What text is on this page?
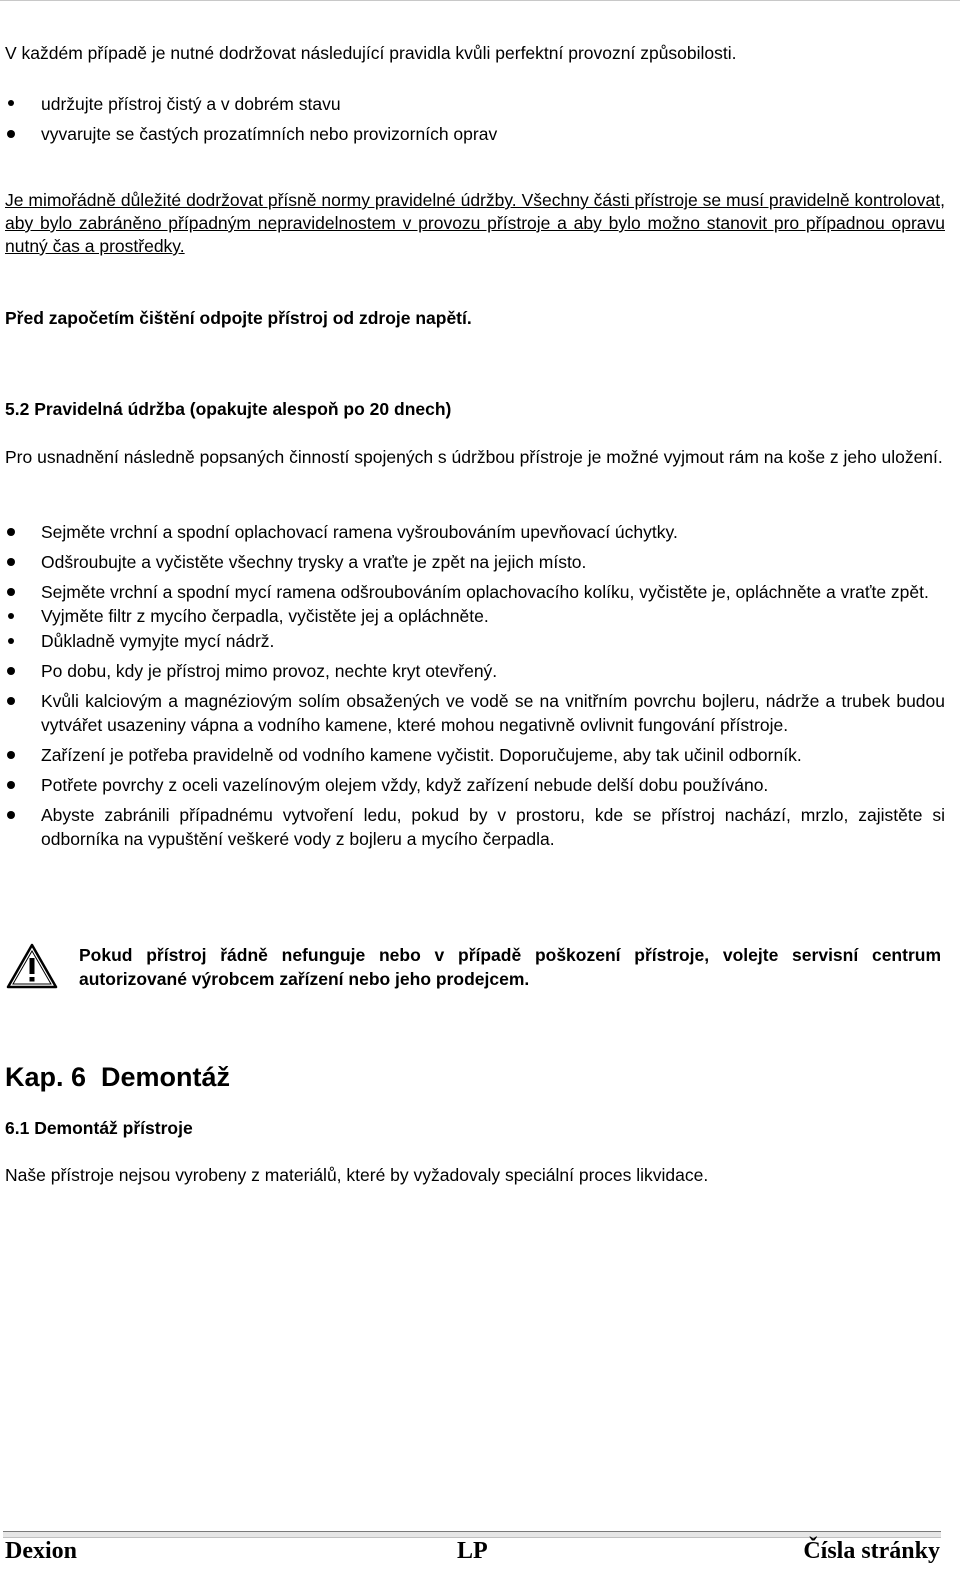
V každém případě je nutné dodržovat následující pravidla kvůli perfektní provozní způsobilosti.
udržujte přístroj čistý a v dobrém stavu
vyvarujte se častých prozatímních nebo provizorních oprav
Je mimořádně důležité dodržovat přísně normy pravidelné údržby. Všechny části přístroje se musí pravidelně kontrolovat, aby bylo zabráněno případným nepravidelnostem v provozu přístroje a aby bylo možno stanovit pro případnou opravu nutný čas a prostředky.
Před započetím čištění odpojte přístroj od zdroje napětí.
5.2 Pravidelná údržba (opakujte alespoň po 20 dnech)
Pro usnadnění následně popsaných činností spojených s údržbou přístroje je možné vyjmout rám na koše z jeho uložení.
Sejměte vrchní a spodní oplachovací ramena vyšroubováním upevňovací úchytky.
Odšroubujte a vyčistěte všechny trysky a vraťte je zpět na jejich místo.
Sejměte vrchní a spodní mycí ramena odšroubováním oplachovacího kolíku, vyčistěte je, opláchněte a vraťte zpět.
Vyjměte filtr z mycího čerpadla, vyčistěte jej a opláchněte.
Důkladně vymyjte mycí nádrž.
Po dobu, kdy je přístroj mimo provoz, nechte kryt otevřený.
Kvůli kalciovým a magnéziovým solím obsažených ve vodě se na vnitřním povrchu bojleru, nádrže a trubek budou vytvářet usazeniny vápna a vodního kamene, které mohou negativně ovlivnit fungování přístroje.
Zařízení je potřeba pravidelně od vodního kamene vyčistit. Doporučujeme, aby tak učinil odborník.
Potřete povrchy z oceli vazelínovým olejem vždy, když zařízení nebude delší dobu používáno.
Abyste zabránili případnému vytvoření ledu, pokud by v prostoru, kde se přístroj nachází, mrzlo, zajistěte si odborníka na vypuštění veškeré vody z bojleru a mycího čerpadla.
Pokud přístroj řádně nefunguje nebo v případě poškození přístroje, volejte servisní centrum autorizované výrobcem zařízení nebo jeho prodejcem.
Kap. 6  Demontáž
6.1 Demontáž přístroje
Naše přístroje nejsou vyrobeny z materiálů, které by vyžadovaly speciální proces likvidace.
Dexion	LP	Čísla stránky
